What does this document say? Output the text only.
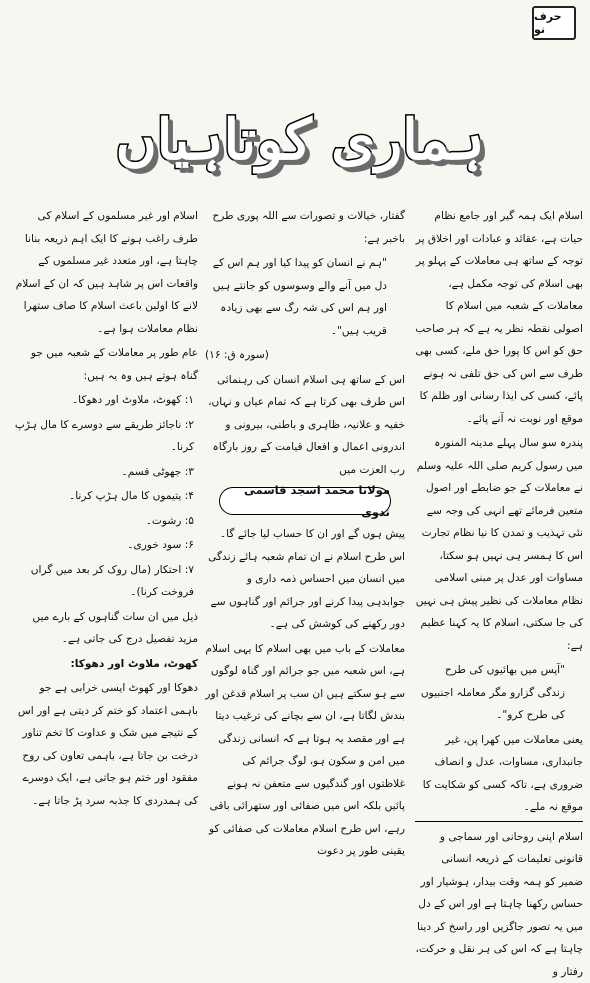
حرف نو
ہماری کوتاہیاں

اسلام ایک ہمہ گیر اور جامع نظام حیات ہے، عقائد و عبادات اور اخلاق پر توجہ کے ساتھ ہی معاملات کے پہلو پر بھی اسلام کی توجہ مکمل ہے، معاملات کے شعبہ میں اسلام کا اصولی نقطہ نظر یہ ہے کہ ہر صاحب حق کو اس کا پورا حق ملے، کسی بھی طرف سے اس کی حق تلفی نہ ہونے پائے، کسی کی ایذا رسانی اور ظلم کا موقع اور نوبت نہ آنے پائے۔

پندرہ سو سال پہلے مدینہ المنورہ میں رسول کریم صلی اللہ علیہ وسلم نے معاملات کے جو ضابطے اور اصول متعین فرمائے تھے انہی کی وجہ سے نئی تہذیب و تمدن کا نیا نظام تجارت اس کا ہمسر ہی نہیں ہو سکتا، مساوات اور عدل پر مبنی اسلامی نظام معاملات کی نظیر پیش ہی نہیں کی جا سکتی، اسلام کا یہ کہنا عظیم ہے:

"آپس میں بھائیوں کی طرح زندگی گزارو مگر معاملہ اجنبیوں کی طرح کرو"۔

یعنی معاملات میں کھرا پن، غیر جانبداری، مساوات، عدل و انصاف ضروری ہے، تاکہ کسی کو شکایت کا موقع نہ ملے۔

اسلام اپنی روحانی اور سماجی و قانونی تعلیمات کے ذریعہ انسانی ضمیر کو ہمہ وقت بیدار، ہوشیار اور حساس رکھنا چاہتا ہے اور اس کے دل میں یہ تصور جاگزیں اور راسخ کر دینا چاہتا ہے کہ اس کی ہر نقل و حرکت، رفتار و

گفتار، خیالات و تصورات سے اللہ پوری طرح باخبر ہے:

"ہم نے انسان کو پیدا کیا اور ہم اس کے دل میں آنے والے وسوسوں کو جانتے ہیں اور ہم اس کی شہ رگ سے بھی زیادہ قریب ہیں"۔

(سورہ ق: ۱۶)

اس کے ساتھ ہی اسلام انسان کی رہنمائی اس طرف بھی کرتا ہے کہ تمام عیاں و نہاں، خفیہ و علانیہ، ظاہری و باطنی، بیرونی و اندرونی اعمال و افعال قیامت کے روز بارگاہ رب العزت میں

مولانا محمد اسجد قاسمی ندوی

پیش ہوں گے اور ان کا حساب لیا جائے گا۔ اس طرح اسلام نے ان تمام شعبہ ہائے زندگی میں انسان میں احساس ذمہ داری و جوابدہی پیدا کرنے اور جرائم اور گناہوں سے دور رکھنے کی کوشش کی ہے۔

معاملات کے باب میں بھی اسلام کا یہی اسلام ہے، اس شعبہ میں جو جرائم اور گناہ لوگوں سے ہو سکتے ہیں ان سب پر اسلام قدغن اور بندش لگاتا ہے، ان سے بچانے کی ترغیب دیتا ہے اور مقصد یہ ہوتا ہے کہ انسانی زندگی میں امن و سکون ہو، لوگ جرائم کی غلاظتوں اور گندگیوں سے متعفن نہ ہونے پائیں بلکہ اس میں صفائی اور ستھرائی باقی رہے، اس طرح اسلام معاملات کی صفائی کو یقینی طور پر دعوت

اسلام اور غیر مسلموں کے اسلام کی طرف راغب ہونے کا ایک اہم ذریعہ بنانا چاہتا ہے، اور متعدد غیر مسلموں کے واقعات اس پر شاہد ہیں کہ ان کے اسلام لانے کا اولین باعث اسلام کا صاف ستھرا نظام معاملات ہوا ہے۔

عام طور پر معاملات کے شعبہ میں جو گناہ ہوتے ہیں وہ یہ ہیں:

۱: کھوٹ، ملاوٹ اور دھوکا۔

۲: ناجائز طریقے سے دوسرے کا مال ہڑپ کرنا۔

۳: جھوٹی قسم۔

۴: یتیموں کا مال ہڑپ کرنا۔

۵: رشوت۔

۶: سود خوری۔

۷: احتکار (مال روک کر بعد میں گراں فروخت کرنا)۔

ذیل میں ان سات گناہوں کے بارے میں مزید تفصیل درج کی جاتی ہے۔

کھوٹ، ملاوٹ اور دھوکا:

دھوکا اور کھوٹ ایسی خرابی ہے جو باہمی اعتماد کو ختم کر دیتی ہے اور اس کے نتیجے میں شک و عداوت کا تخم تناور درخت بن جاتا ہے، باہمی تعاون کی روح مفقود اور ختم ہو جاتی ہے، ایک دوسرے کی ہمدردی کا جذبہ سرد پڑ جاتا ہے۔
